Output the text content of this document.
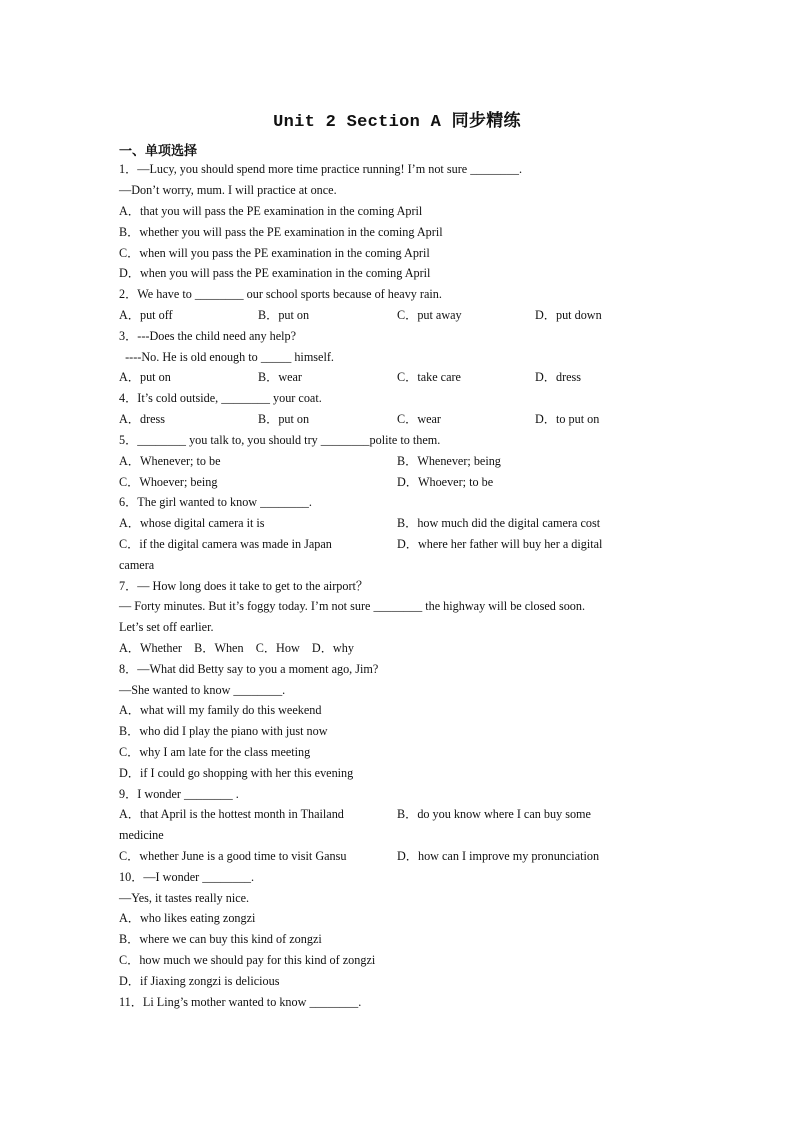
Unit 2 Section A 同步精练
一、单项选择
1．—Lucy, you should spend more time practice running! I’m not sure ________.
—Don’t worry, mum. I will practice at once.
A．that you will pass the PE examination in the coming April
B．whether you will pass the PE examination in the coming April
C．when will you pass the PE examination in the coming April
D．when you will pass the PE examination in the coming April
2．We have to ________ our school sports because of heavy rain.
A．put off	B．put on	C．put away	D．put down
3．---Does the child need any help?
----No. He is old enough to _____ himself.
A．put on	B．wear	C．take care	D．dress
4．It’s cold outside, ________ your coat.
A．dress	B．put on	C．wear	D．to put on
5．________ you talk to, you should try ________polite to them.
A．Whenever; to be	B．Whenever; being
C．Whoever; being	D．Whoever; to be
6．The girl wanted to know ________.
A．whose digital camera it is	B．how much did the digital camera cost
C．if the digital camera was made in Japan	D．where her father will buy her a digital
camera
7．— How long does it take to get to the airport？
— Forty minutes. But it’s foggy today. I’m not sure ________ the highway will be closed soon.
Let’s set off earlier.
A．Whether    B．When    C．How    D．why
8．—What did Betty say to you a moment ago, Jim?
—She wanted to know ________.
A．what will my family do this weekend
B．who did I play the piano with just now
C．why I am late for the class meeting
D．if I could go shopping with her this evening
9．I wonder ________ .
A．that April is the hottest month in Thailand	B．do you know where I can buy some
medicine
C．whether June is a good time to visit Gansu	D．how can I improve my pronunciation
10．—I wonder ________.
—Yes, it tastes really nice.
A．who likes eating zongzi
B．where we can buy this kind of zongzi
C．how much we should pay for this kind of zongzi
D．if Jiaxing zongzi is delicious
11．Li Ling’s mother wanted to know ________.
